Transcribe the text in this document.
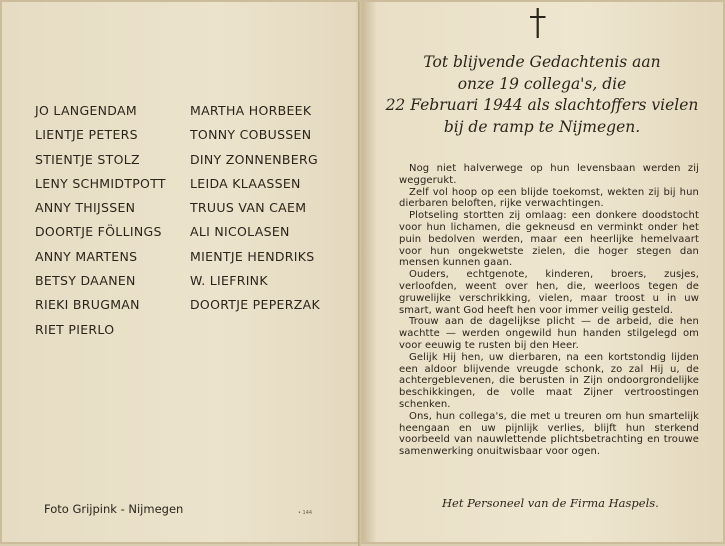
JO LANGENDAM
LIENTJE PETERS
STIENTJE STOLZ
LENY SCHMIDTPOTT
ANNY THIJSSEN
DOORTJE FÖLLINGS
ANNY MARTENS
BETSY DAANEN
RIEKI BRUGMAN
RIET PIERLO
MARTHA HORBEEK
TONNY COBUSSEN
DINY ZONNENBERG
LEIDA KLAASSEN
TRUUS VAN CAEM
ALI NICOLASEN
MIENTJE HENDRIKS
W. LIEFRINK
DOORTJE PEPERZAK
Foto Grijpink - Nijmegen	• 144
Tot blijvende Gedachtenis aan
onze 19 collega's, die
22 Februari 1944 als slachtoffers vielen
bij de ramp te Nijmegen.

Nog niet halverwege op hun levensbaan werden zij weggerukt.

Zelf vol hoop op een blijde toekomst, wekten zij bij hun dierbaren beloften, rijke verwachtingen.

Plotseling stortten zij omlaag: een donkere doodstocht voor hun lichamen, die gekneusd en verminkt onder het puin bedolven werden, maar een heerlijke hemelvaart voor hun ongekwetste zielen, die hoger stegen dan mensen kunnen gaan.

Ouders, echtgenote, kinderen, broers, zusjes, verloofden, weent over hen, die, weerloos tegen de gruwelijke verschrikking, vielen, maar troost u in uw smart, want God heeft hen voor immer veilig gesteld.

Trouw aan de dagelijkse plicht — de arbeid, die hen wachtte — werden ongewild hun handen stilgelegd om voor eeuwig te rusten bij den Heer.

Gelijk Hij hen, uw dierbaren, na een kortstondig lijden een aldoor blijvende vreugde schonk, zo zal Hij u, de achtergeblevenen, die berusten in Zijn ondoorgrondelijke beschikkingen, de volle maat Zijner vertroostingen schenken.

Ons, hun collega's, die met u treuren om hun smartelijk heengaan en uw pijnlijk verlies, blijft hun sterkend voorbeeld van nauwlettende plichtsbetrachting en trouwe samenwerking onuitwisbaar voor ogen.

Het Personeel van de Firma Haspels.
